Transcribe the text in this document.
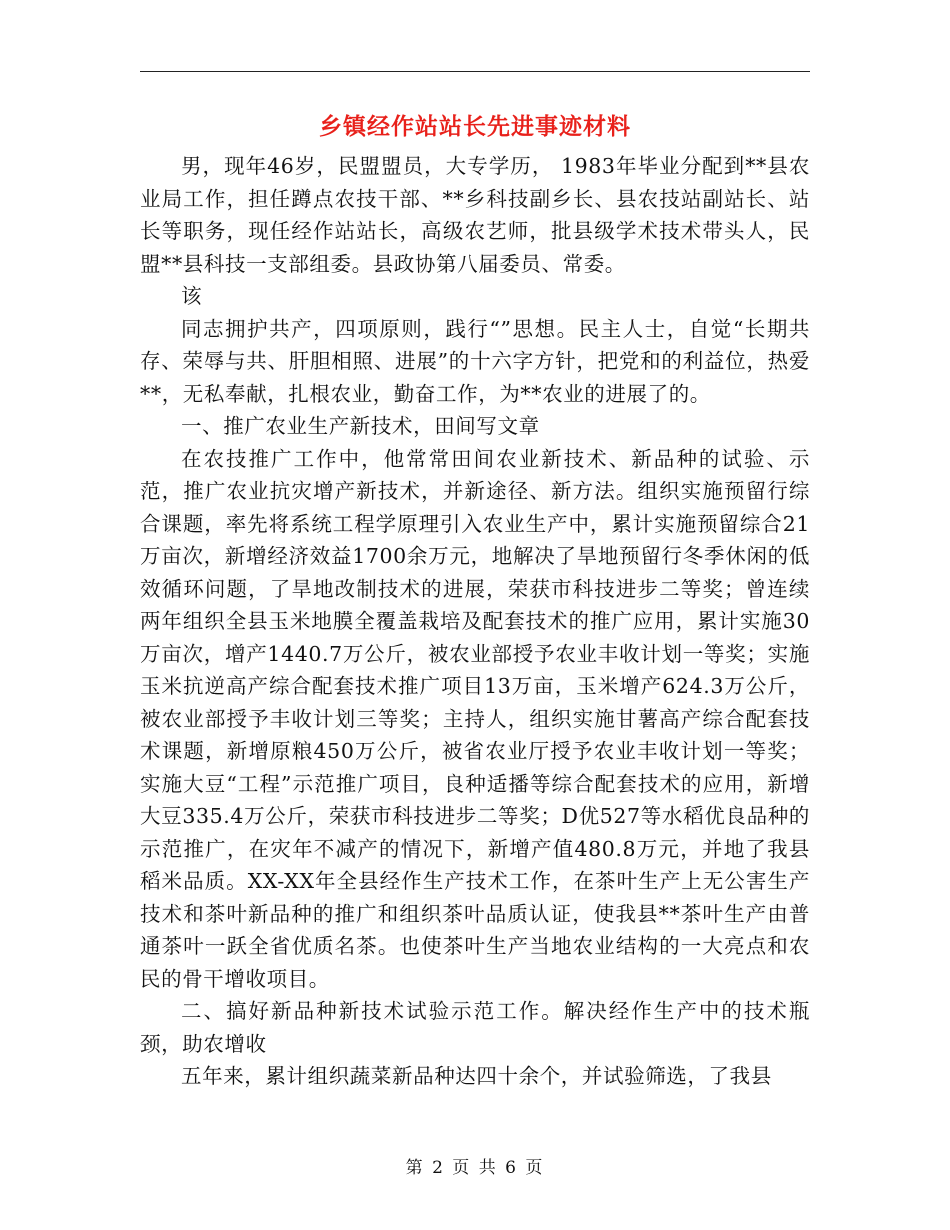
乡镇经作站站长先进事迹材料

男，现年46岁，民盟盟员，大专学历， 1983年毕业分配到**县农业局工作，担任蹲点农技干部、**乡科技副乡长、县农技站副站长、站长等职务，现任经作站站长，高级农艺师，批县级学术技术带头人，民盟**县科技一支部组委。县政协第八届委员、常委。

该

同志拥护共产，四项原则，践行“”思想。民主人士，自觉“长期共存、荣辱与共、肝胆相照、进展”的十六字方针，把党和的利益位，热爱**，无私奉献，扎根农业，勤奋工作，为**农业的进展了的。

一、推广农业生产新技术，田间写文章

在农技推广工作中，他常常田间农业新技术、新品种的试验、示范，推广农业抗灾增产新技术，并新途径、新方法。组织实施预留行综合课题，率先将系统工程学原理引入农业生产中，累计实施预留综合21万亩次，新增经济效益1700余万元，地解决了旱地预留行冬季休闲的低效循环问题，了旱地改制技术的进展，荣获市科技进步二等奖；曾连续两年组织全县玉米地膜全覆盖栽培及配套技术的推广应用，累计实施30万亩次，增产1440.7万公斤，被农业部授予农业丰收计划一等奖；实施玉米抗逆高产综合配套技术推广项目13万亩，玉米增产624.3万公斤，被农业部授予丰收计划三等奖；主持人，组织实施甘薯高产综合配套技术课题，新增原粮450万公斤，被省农业厅授予农业丰收计划一等奖；实施大豆“工程”示范推广项目，良种适播等综合配套技术的应用，新增大豆335.4万公斤，荣获市科技进步二等奖；D优527等水稻优良品种的示范推广，在灾年不减产的情况下，新增产值480.8万元，并地了我县稻米品质。XX-XX年全县经作生产技术工作，在茶叶生产上无公害生产技术和茶叶新品种的推广和组织茶叶品质认证，使我县**茶叶生产由普通茶叶一跃全省优质名茶。也使茶叶生产当地农业结构的一大亮点和农民的骨干增收项目。

二、搞好新品种新技术试验示范工作。解决经作生产中的技术瓶颈，助农增收

五年来，累计组织蔬菜新品种达四十余个，并试验筛选，了我县

第 2 页 共 6 页
